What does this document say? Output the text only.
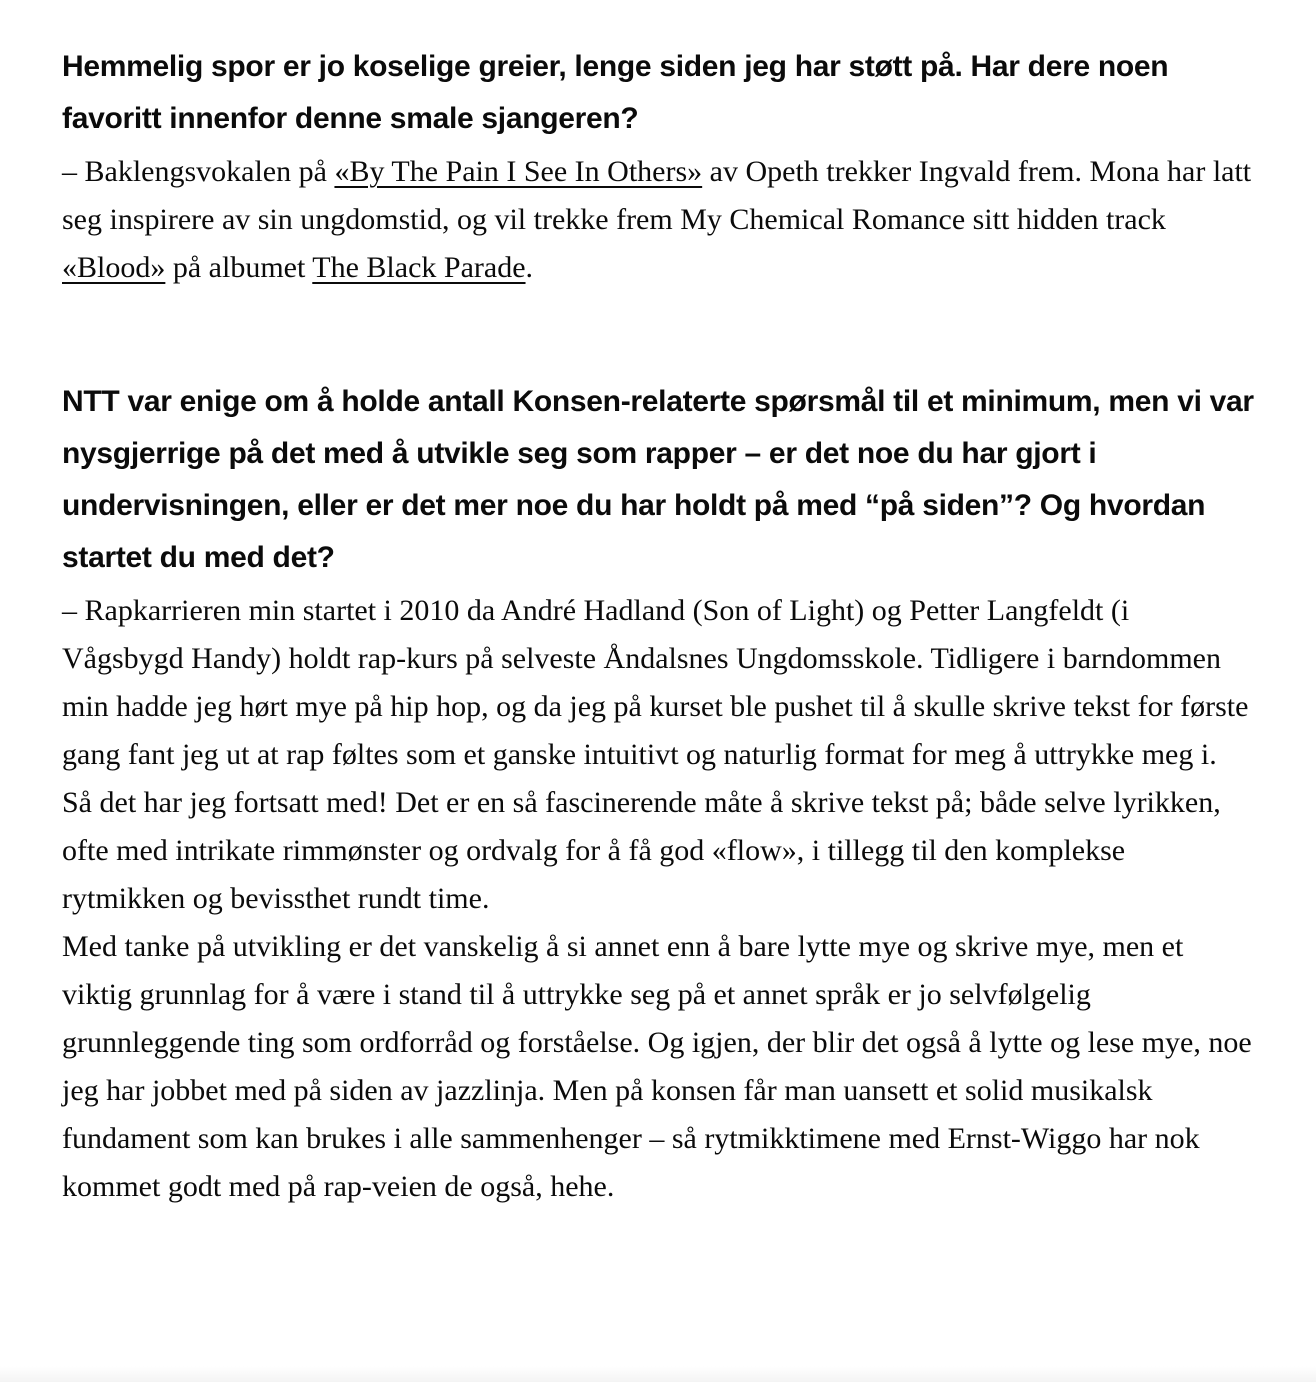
Hemmelig spor er jo koselige greier, lenge siden jeg har støtt på. Har dere noen favoritt innenfor denne smale sjangeren?

– Baklengsvokalen på «By The Pain I See In Others» av Opeth trekker Ingvald frem. Mona har latt seg inspirere av sin ungdomstid, og vil trekke frem My Chemical Romance sitt hidden track «Blood» på albumet The Black Parade.

NTT var enige om å holde antall Konsen-relaterte spørsmål til et minimum, men vi var nysgjerrige på det med å utvikle seg som rapper – er det noe du har gjort i undervisningen, eller er det mer noe du har holdt på med “på siden”? Og hvordan startet du med det?

– Rapkarrieren min startet i 2010 da André Hadland (Son of Light) og Petter Langfeldt (i Vågsbygd Handy) holdt rap-kurs på selveste Åndalsnes Ungdomsskole. Tidligere i barndommen min hadde jeg hørt mye på hip hop, og da jeg på kurset ble pushet til å skulle skrive tekst for første gang fant jeg ut at rap føltes som et ganske intuitivt og naturlig format for meg å uttrykke meg i. Så det har jeg fortsatt med! Det er en så fascinerende måte å skrive tekst på; både selve lyrikken, ofte med intrikate rimmønster og ordvalg for å få god «flow», i tillegg til den komplekse rytmikken og bevissthet rundt time.
Med tanke på utvikling er det vanskelig å si annet enn å bare lytte mye og skrive mye, men et viktig grunnlag for å være i stand til å uttrykke seg på et annet språk er jo selvfølgelig grunnleggende ting som ordforråd og forståelse. Og igjen, der blir det også å lytte og lese mye, noe jeg har jobbet med på siden av jazzlinja. Men på konsen får man uansett et solid musikalsk fundament som kan brukes i alle sammenhenger – så rytmikktimene med Ernst-Wiggo har nok kommet godt med på rap-veien de også, hehe.
